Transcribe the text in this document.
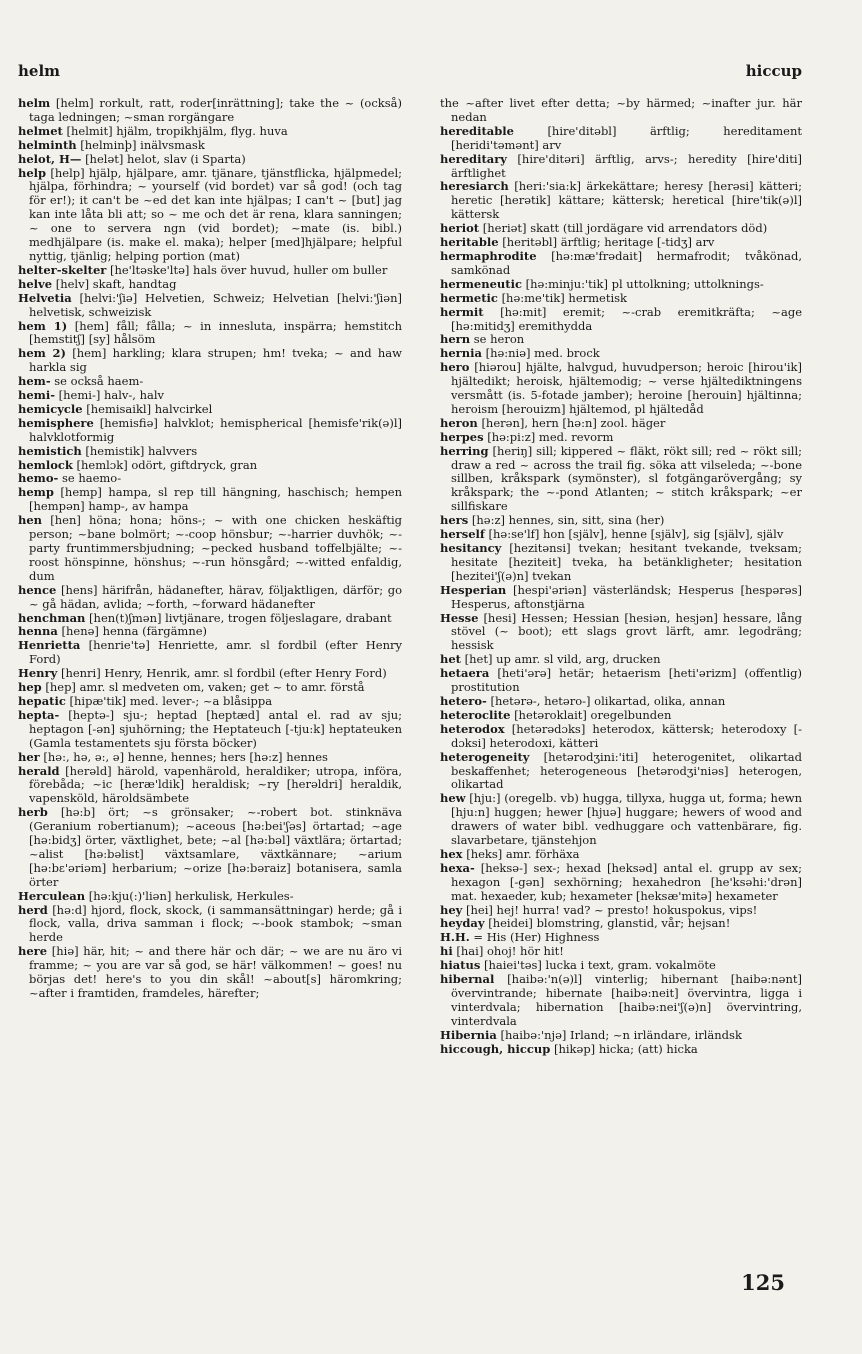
helm	hiccup

helm [helm] rorkult, ratt, roder[inrättning]; take the ~ (också) taga ledningen; ~sman rorgängare

helmet [helmit] hjälm, tropikhjälm, flyg. huva

helminth [helminþ] inälvsmask

helot, H— [helət] helot, slav (i Sparta)

help [help] hjälp, hjälpare, amr. tjänare, tjänstflicka, hjälpmedel; hjälpa, förhindra; ~ yourself (vid bordet) var så god! (och tag för er!); it can't be ~ed det kan inte hjälpas; I can't ~ [but] jag kan inte låta bli att; so ~ me och det är rena, klara sanningen; ~ one to servera ngn (vid bordet); ~mate (is. bibl.) medhjälpare (is. make el. maka); helper [med]hjälpare; helpful nyttig, tjänlig; helping portion (mat)

helter-skelter [he'ltəske'ltə] hals över huvud, huller om buller

helve [helv] skaft, handtag

Helvetia [helvi:'ʃiə] Helvetien, Schweiz; Helvetian [helvi:'ʃiən] helvetisk, schweizisk

hem 1) [hem] fåll; fålla; ~ in innesluta, inspärra; hemstitch [hemstitʃ] [sy] hålsöm

hem 2) [hem] harkling; klara strupen; hm! tveka; ~ and haw harkla sig

hem- se också haem-

hemi- [hemi-] halv-, halv

hemicycle [hemisaikl] halvcirkel

hemisphere [hemisfiə] halvklot; hemispherical [hemisfe'rik(ə)l] halvklotformig

hemistich [hemistik] halvvers

hemlock [hemlɔk] odört, giftdryck, gran

hemo- se haemo-

hemp [hemp] hampa, sl rep till hängning, haschisch; hempen [hempən] hamp-, av hampa

hen [hen] höna; hona; höns-; ~ with one chicken heskäftig person; ~bane bolmört; ~-coop hönsbur; ~-harrier duvhök; ~-party fruntimmersbjudning; ~pecked husband toffelbjälte; ~-roost hönspinne, hönshus; ~-run hönsgård; ~-witted enfaldig, dum

hence [hens] härifrån, hädanefter, härav, följaktligen, därför; go ~ gå hädan, avlida; ~forth, ~forward hädanefter

henchman [hen(t)ʃmən] livtjänare, trogen följeslagare, drabant

henna [henə] henna (färgämne)

Henrietta [henrie'tə] Henriette, amr. sl fordbil (efter Henry Ford)

Henry [henri] Henry, Henrik, amr. sl fordbil (efter Henry Ford)

hep [hep] amr. sl medveten om, vaken; get ~ to amr. förstå

hepatic [hipæ'tik] med. lever-; ~a blåsippa

hepta- [heptə-] sju-; heptad [heptæd] antal el. rad av sju; heptagon [-ən] sjuhörning; the Heptateuch [-tju:k] heptateuken (Gamla testamentets sju första böcker)

her [hə:, hə, ə:, ə] henne, hennes; hers [hə:z] hennes

herald [herəld] härold, vapenhärold, heraldiker; utropa, införa, förebåda; ~ic [heræ'ldik] heraldisk; ~ry [herəldri] heraldik, vapensköld, häroldsämbete

herb [hə:b] ört; ~s grönsaker; ~-robert bot. stinknäva (Geranium robertianum); ~aceous [hə:bei'ʃəs] örtartad; ~age [hə:bidʒ] örter, växtlighet, bete; ~al [hə:bəl] växtlära; örtartad; ~alist [hə:bəlist] växtsamlare, växtkännare; ~arium [hə:bɛ'əriəm] herbarium; ~orize [hə:bəraiz] botanisera, samla örter

Herculean [hə:kju(:)'liən] herkulisk, Herkules-

herd [hə:d] hjord, flock, skock, (i sammansättningar) herde; gå i flock, valla, driva samman i flock; ~-book stambok; ~sman herde

here [hiə] här, hit; ~ and there här och där; ~ we are nu äro vi framme; ~ you are var så god, se här! välkommen! ~ goes! nu börjas det! here's to you din skål! ~about[s] häromkring; ~after i framtiden, framdeles, härefter;

the ~after livet efter detta; ~by härmed; ~inafter jur. här nedan

hereditable	[hire'ditəbl] ärftlig; hereditament [heridi'təmənt] arv

hereditary [hire'ditəri] ärftlig, arvs-; heredity [hire'diti] ärftlighet

heresiarch [heri:'sia:k] ärkekättare; heresy [herəsi] kätteri; heretic [herətik] kättare; kättersk; heretical [hire'tik(ə)l] kättersk

heriot [heriət] skatt (till jordägare vid arrendators död)

heritable [heritəbl] ärftlig; heritage [-tidʒ] arv

hermaphrodite [hə:mæ'frədait] hermafrodit; tvåkönad, samkönad

hermeneutic [hə:minju:'tik] pl uttolkning; uttolknings-

hermetic [hə:me'tik] hermetisk

hermit [hə:mit] eremit; ~-crab eremitkräfta; ~age [hə:mitidʒ] eremithydda

hern se heron

hernia [hə:niə] med. brock

hero [hiərou] hjälte, halvgud, huvudperson; heroic [hirou'ik] hjältedikt; heroisk, hjältemodig; ~ verse hjältediktningens versmått (is. 5-fotade jamber); heroine [herouin] hjältinna; heroism [herouizm] hjältemod, pl hjältedåd

heron [herən], hern [hə:n] zool. häger

herpes [hə:pi:z] med. revorm

herring [heriŋ] sill; kippered ~ fläkt, rökt sill; red ~ rökt sill; draw a red ~ across the trail fig. söka att vilseleda; ~-bone sillben, kråkspark (symönster), sl fotgängarövergång; sy kråkspark; the ~-pond Atlanten; ~ stitch kråkspark; ~er sillfiskare

hers [hə:z] hennes, sin, sitt, sina (her)

herself [hə:se'lf] hon [själv], henne [själv], sig [själv], själv

hesitancy [hezitənsi] tvekan; hesitant tvekande, tveksam; hesitate [heziteit] tveka, ha betänkligheter; hesitation [hezitei'ʃ(ə)n] tvekan

Hesperian [hespi'əriən] västerländsk; Hesperus [hespərəs] Hesperus, aftonstjärna

Hesse [hesi] Hessen; Hessian [hesiən, hesjən] hessare, lång stövel (~ boot); ett slags grovt lärft, amr. legodräng; hessisk

het [het] up amr. sl vild, arg, drucken

hetaera [heti'ərə] hetär; hetaerism [heti'ərizm] (offentlig) prostitution

hetero- [hetərə-, hetəro-] olikartad, olika, annan

heteroclite [hetəroklait] oregelbunden

heterodox [hetərədɔks] heterodox, kättersk; heterodoxy [-dɔksi] heterodoxi, kätteri

heterogeneity [hetərodʒini:'iti] heterogenitet, olikartad beskaffenhet; heterogeneous [hetərodʒi'niəs] heterogen, olikartad

hew [hju:] (oregelb. vb) hugga, tillyxa, hugga ut, forma; hewn [hju:n] huggen; hewer [hjuə] huggare; hewers of wood and drawers of water bibl. vedhuggare och vattenbärare, fig. slavarbetare, tjänstehjon

hex [heks] amr. förhäxa

hexa- [heksə-] sex-; hexad [heksəd] antal el. grupp av sex; hexagon [-gən] sexhörning; hexahedron [he'ksəhi:'drən] mat. hexaeder, kub; hexameter [heksæ'mitə] hexameter

hey [hei] hej! hurra! vad? ~ presto! hokuspokus, vips!

heyday [heidei] blomstring, glanstid, vår; hejsan!

H.H. = His (Her) Highness

hi [hai] ohoj! hör hit!

hiatus [haiei'təs] lucka i text, gram. vokalmöte

hibernal [haibə:'n(ə)l] vinterlig; hibernant [haibə:nənt] övervintrande; hibernate [haibə:neit] övervintra, ligga i vinterdvala; hibernation [haibə:nei'ʃ(ə)n] övervintring, vinterdvala

Hibernia [haibə:'njə] Irland; ~n irländare, irländsk

hiccough, hiccup [hikəp] hicka; (att) hicka

125
